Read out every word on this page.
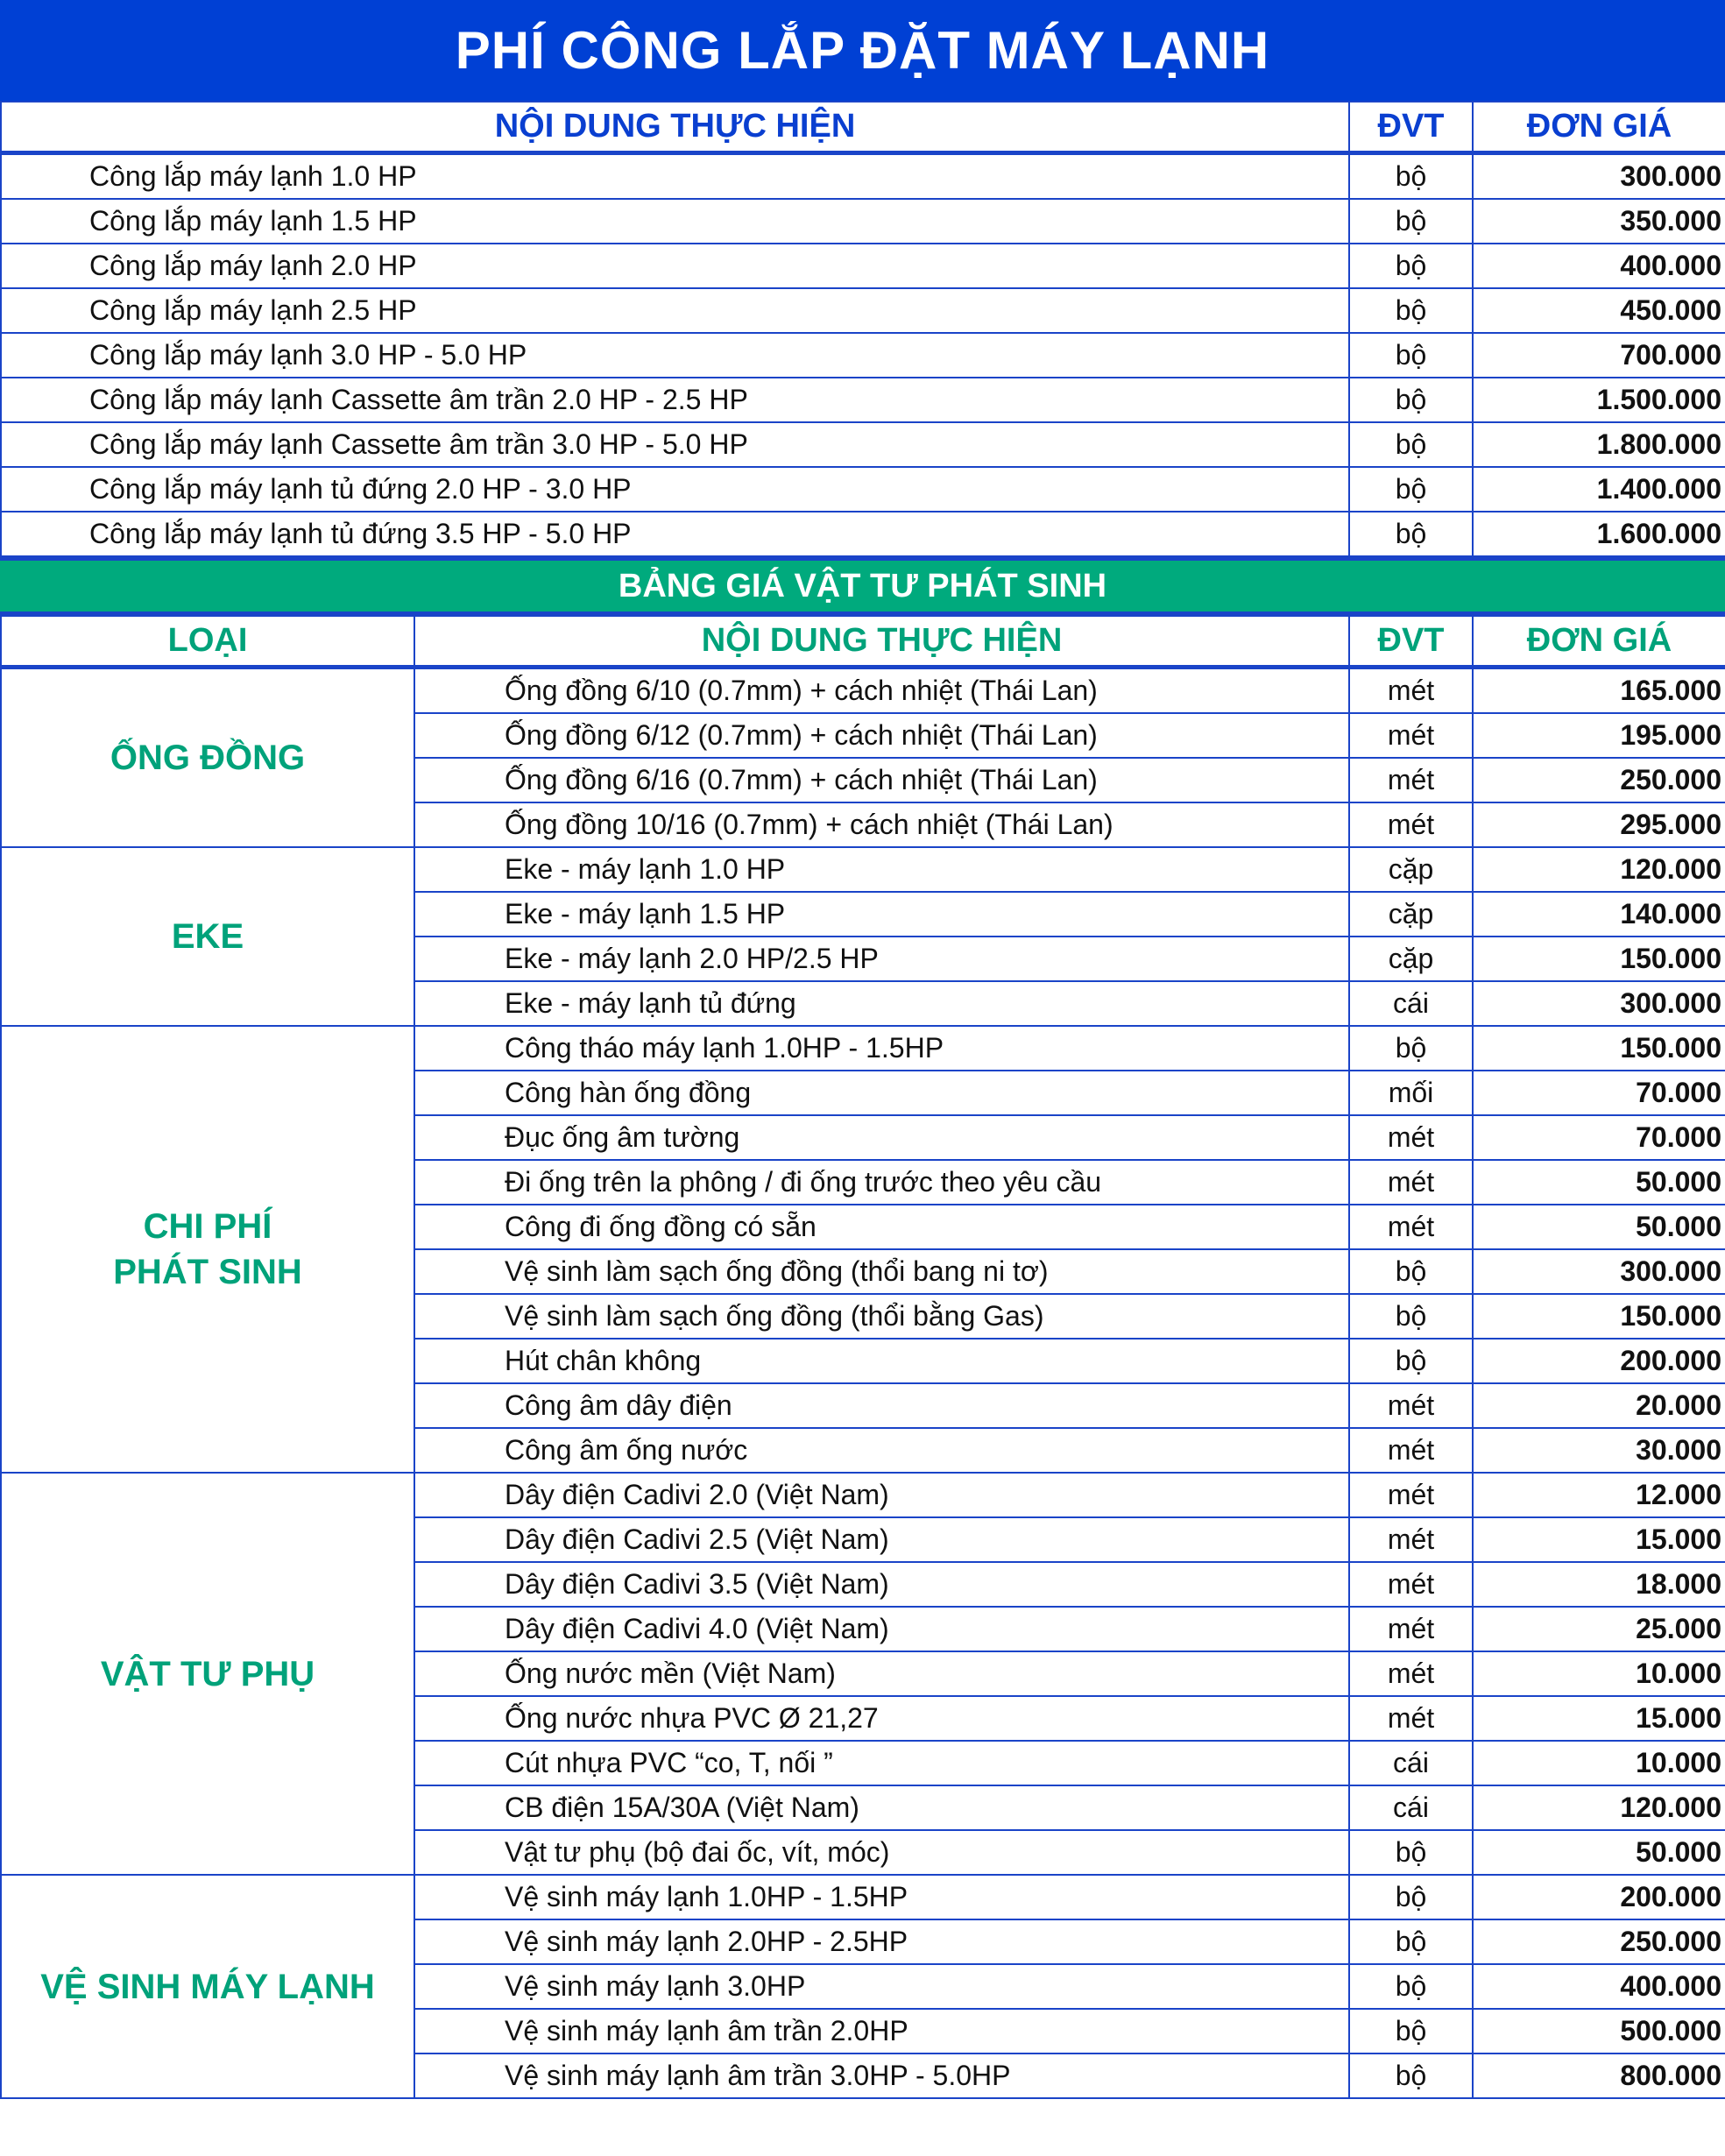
PHÍ CÔNG LẮP ĐẶT MÁY LẠNH
NỘI DUNG THỰC HIỆN	ĐVT	ĐƠN GIÁ
Công lắp máy lạnh 1.0 HP	bộ	300.000
Công lắp máy lạnh 1.5 HP	bộ	350.000
Công lắp máy lạnh 2.0 HP	bộ	400.000
Công lắp máy lạnh 2.5 HP	bộ	450.000
Công lắp máy lạnh 3.0 HP - 5.0 HP	bộ	700.000
Công lắp máy lạnh Cassette âm trần 2.0 HP - 2.5 HP	bộ	1.500.000
Công lắp máy lạnh Cassette âm trần 3.0 HP - 5.0 HP	bộ	1.800.000
Công lắp máy lạnh tủ đứng 2.0 HP - 3.0 HP	bộ	1.400.000
Công lắp máy lạnh tủ đứng 3.5 HP - 5.0 HP	bộ	1.600.000
BẢNG GIÁ VẬT TƯ PHÁT SINH
LOẠI	NỘI DUNG THỰC HIỆN	ĐVT	ĐƠN GIÁ
ỐNG ĐỒNG	Ống đồng 6/10 (0.7mm) + cách nhiệt (Thái Lan)	mét	165.000
	Ống đồng 6/12 (0.7mm) + cách nhiệt (Thái Lan)	mét	195.000
	Ống đồng 6/16 (0.7mm) + cách nhiệt (Thái Lan)	mét	250.000
	Ống đồng 10/16 (0.7mm) + cách nhiệt (Thái Lan)	mét	295.000
EKE	Eke - máy lạnh 1.0 HP	cặp	120.000
	Eke - máy lạnh 1.5 HP	cặp	140.000
	Eke - máy lạnh 2.0 HP/2.5 HP	cặp	150.000
	Eke - máy lạnh tủ đứng	cái	300.000
CHI PHÍ
PHÁT SINH	Công tháo máy lạnh 1.0HP - 1.5HP	bộ	150.000
	Công hàn ống đồng	mối	70.000
	Đục ống âm tường	mét	70.000
	Đi ống trên la phông / đi ống trước theo yêu cầu	mét	50.000
	Công đi ống đồng có sẵn	mét	50.000
	Vệ sinh làm sạch ống đồng (thổi bang ni tơ)	bộ	300.000
	Vệ sinh làm sạch ống đồng (thổi bằng Gas)	bộ	150.000
	Hút chân không	bộ	200.000
	Công âm dây điện	mét	20.000
	Công âm ống nước	mét	30.000
VẬT TƯ PHỤ	Dây điện Cadivi 2.0 (Việt Nam)	mét	12.000
	Dây điện Cadivi 2.5 (Việt Nam)	mét	15.000
	Dây điện Cadivi 3.5 (Việt Nam)	mét	18.000
	Dây điện Cadivi 4.0 (Việt Nam)	mét	25.000
	Ống nước mền (Việt Nam)	mét	10.000
	Ống nước nhựa PVC Ø 21,27	mét	15.000
	Cút nhựa PVC “co, T, nối ”	cái	10.000
	CB điện 15A/30A (Việt Nam)	cái	120.000
	Vật tư phụ (bộ đai ốc, vít, móc)	bộ	50.000
VỆ SINH MÁY LẠNH	Vệ sinh máy lạnh 1.0HP - 1.5HP	bộ	200.000
	Vệ sinh máy lạnh 2.0HP - 2.5HP	bộ	250.000
	Vệ sinh máy lạnh 3.0HP	bộ	400.000
	Vệ sinh máy lạnh âm trần 2.0HP	bộ	500.000
	Vệ sinh máy lạnh âm trần 3.0HP - 5.0HP	bộ	800.000
